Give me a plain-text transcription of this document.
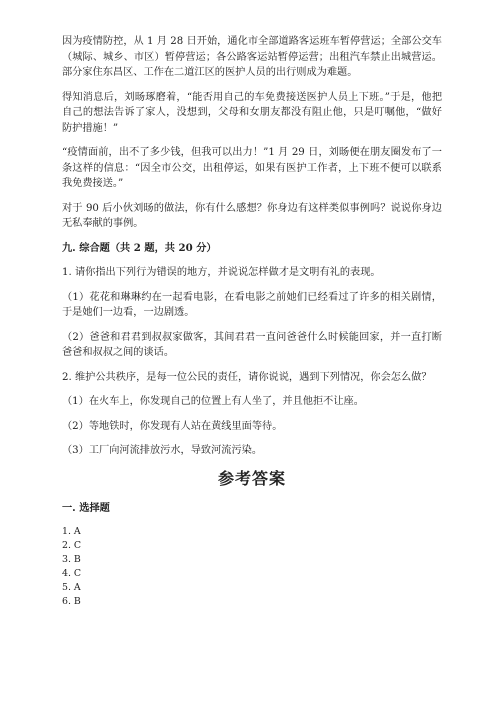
因为疫情防控，从 1 月 28 日开始，通化市全部道路客运班车暂停营运；全部公交车（城际、城乡、市区）暂停营运；各公路客运站暂停运营；出租汽车禁止出城营运。部分家住东昌区、工作在二道江区的医护人员的出行则成为难题。

得知消息后，刘旸琢磨着，“能否用自己的车免费接送医护人员上下班。”于是，他把自己的想法告诉了家人，没想到，父母和女朋友都没有阻止他，只是叮嘱他，“做好防护措施！”

“疫情面前，出不了多少钱，但我可以出力！”1 月 29 日，刘旸便在朋友圈发布了一条这样的信息：“因全市公交，出租停运，如果有医护工作者，上下班不便可以联系我免费接送。”

对于 90 后小伙刘旸的做法，你有什么感想？你身边有这样类似事例吗？说说你身边无私奉献的事例。

九. 综合题（共 2 题，共 20 分）

1. 请你指出下列行为错误的地方，并说说怎样做才是文明有礼的表现。

（1）花花和琳琳约在一起看电影，在看电影之前她们已经看过了许多的相关剧情，于是她们一边看，一边剧透。

（2）爸爸和君君到叔叔家做客，其间君君一直问爸爸什么时候能回家，并一直打断爸爸和叔叔之间的谈话。

2. 维护公共秩序，是每一位公民的责任，请你说说，遇到下列情况，你会怎么做？

（1）在火车上，你发现自己的位置上有人坐了，并且他拒不让座。

（2）等地铁时，你发现有人站在黄线里面等待。

（3）工厂向河流排放污水，导致河流污染。

参考答案

一. 选择题

1. A
2. C
3. B
4. C
5. A
6. B
